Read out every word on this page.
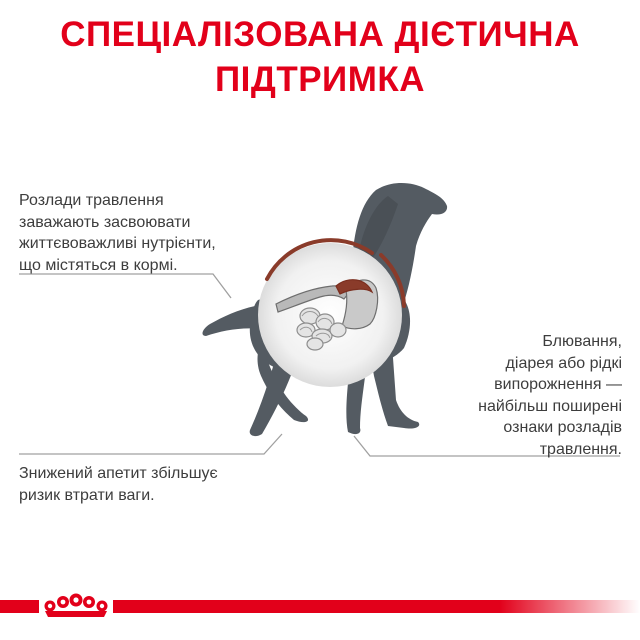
СПЕЦІАЛІЗОВАНА ДІЄТИЧНА
ПІДТРИМКА
Розлади травлення
заважають засвоювати
життєвоважливі нутрієнти,
що містяться в кормі.
Блювання,
діарея або рідкі
випорожнення —
найбільш поширені
ознаки розладів
травлення.
Знижений апетит збільшує
ризик втрати ваги.
